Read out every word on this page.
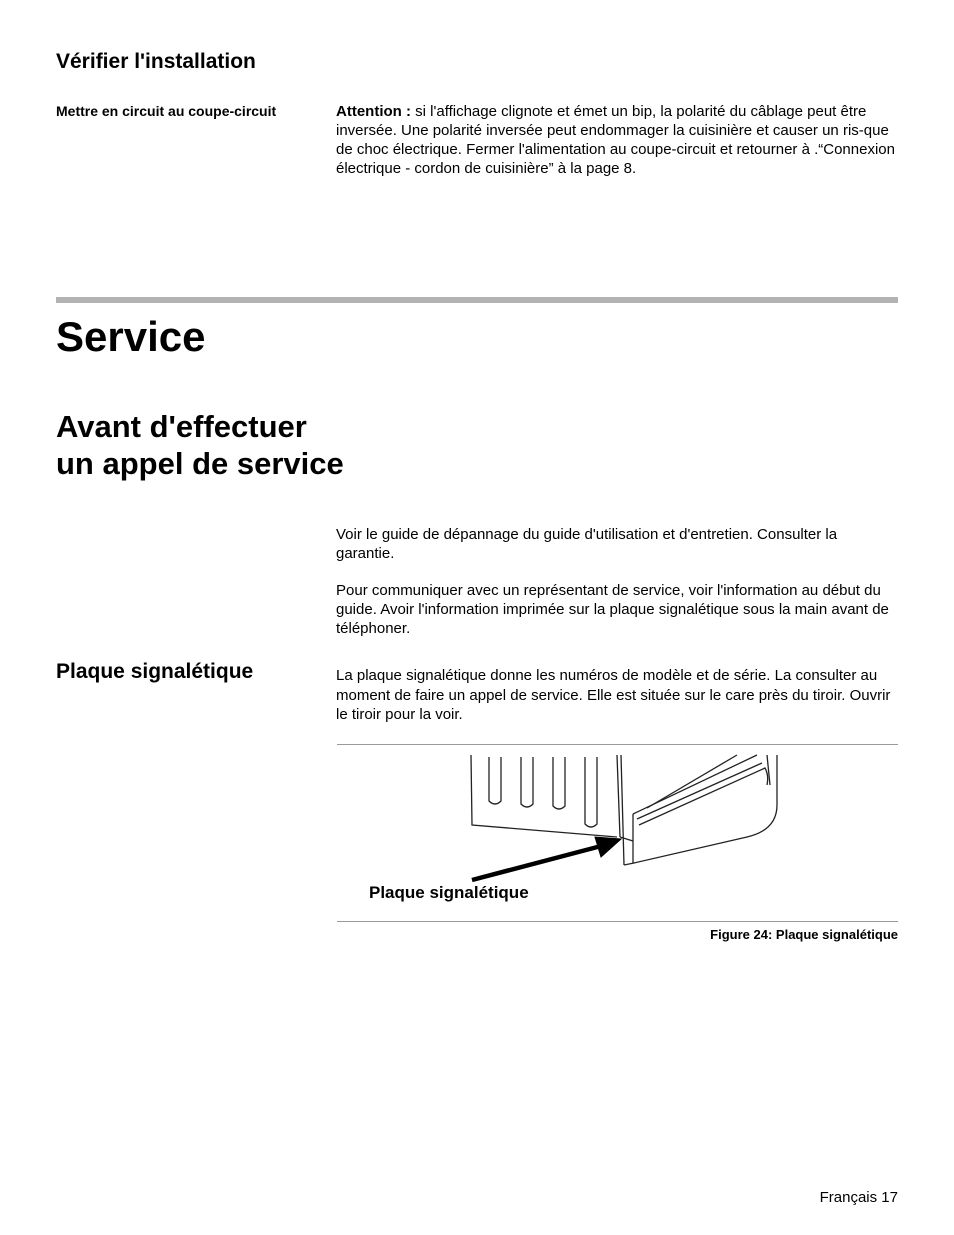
Vérifier l'installation
Mettre en circuit au coupe-circuit	Attention : si l'affichage clignote et émet un bip, la polarité du câblage peut être inversée. Une polarité inversée peut endommager la cuisinière et causer un ris-que de choc électrique. Fermer l'alimentation au coupe-circuit et retourner à .“Connexion électrique - cordon de cuisinière” à la page 8.
Service
Avant d'effectuer
un appel de service
Voir le guide de dépannage du guide d'utilisation et d'entretien. Consulter la garantie.
Pour communiquer avec un représentant de service, voir l'information au début du guide. Avoir l'information imprimée sur la plaque signalétique sous la main avant de téléphoner.
Plaque signalétique	La plaque signalétique donne les numéros de modèle et de série. La consulter au moment de faire un appel de service. Elle est située sur le care près du tiroir. Ouvrir le tiroir pour la voir.
Plaque signalétique
Figure 24: Plaque signalétique
Français 17
